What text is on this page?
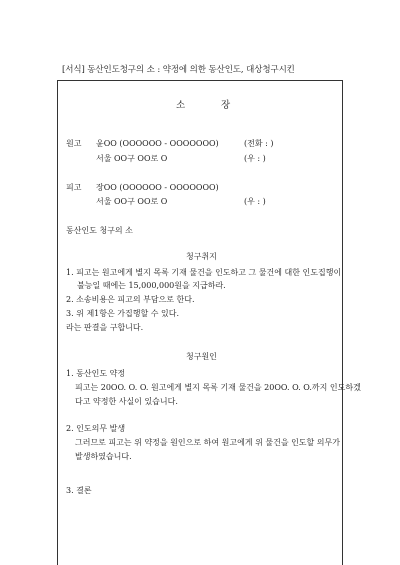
[서식] 동산인도청구의 소 : 약정에 의한 동산인도, 대상청구시킨
소	장
원고 윤OO (OOOOOO - OOOOOOO)	(전화 : )
서울 OO구 OO로 O	(우 : )
피고 장OO (OOOOOO - OOOOOOO)
서울 OO구 OO로 O	(우 : )
동산인도 청구의 소
청구취지
1. 피고는 원고에게 별지 목록 기재 물건을 인도하고 그 물건에 대한 인도집행이
불능일 때에는 15,000,000원을 지급하라.
2. 소송비용은 피고의 부담으로 한다.
3. 위 제1항은 가집행할 수 있다.
라는 판결을 구합니다.
청구원인
1. 동산인도 약정
피고는 20OO. O. O. 원고에게 별지 목록 기재 물건을 20OO. O. O.까지 인도하겠
다고 약정한 사실이 있습니다.
2. 인도의무 발생
그러므로 피고는 위 약정을 원인으로 하여 원고에게 위 물건을 인도할 의무가
발생하였습니다.
3. 결론
